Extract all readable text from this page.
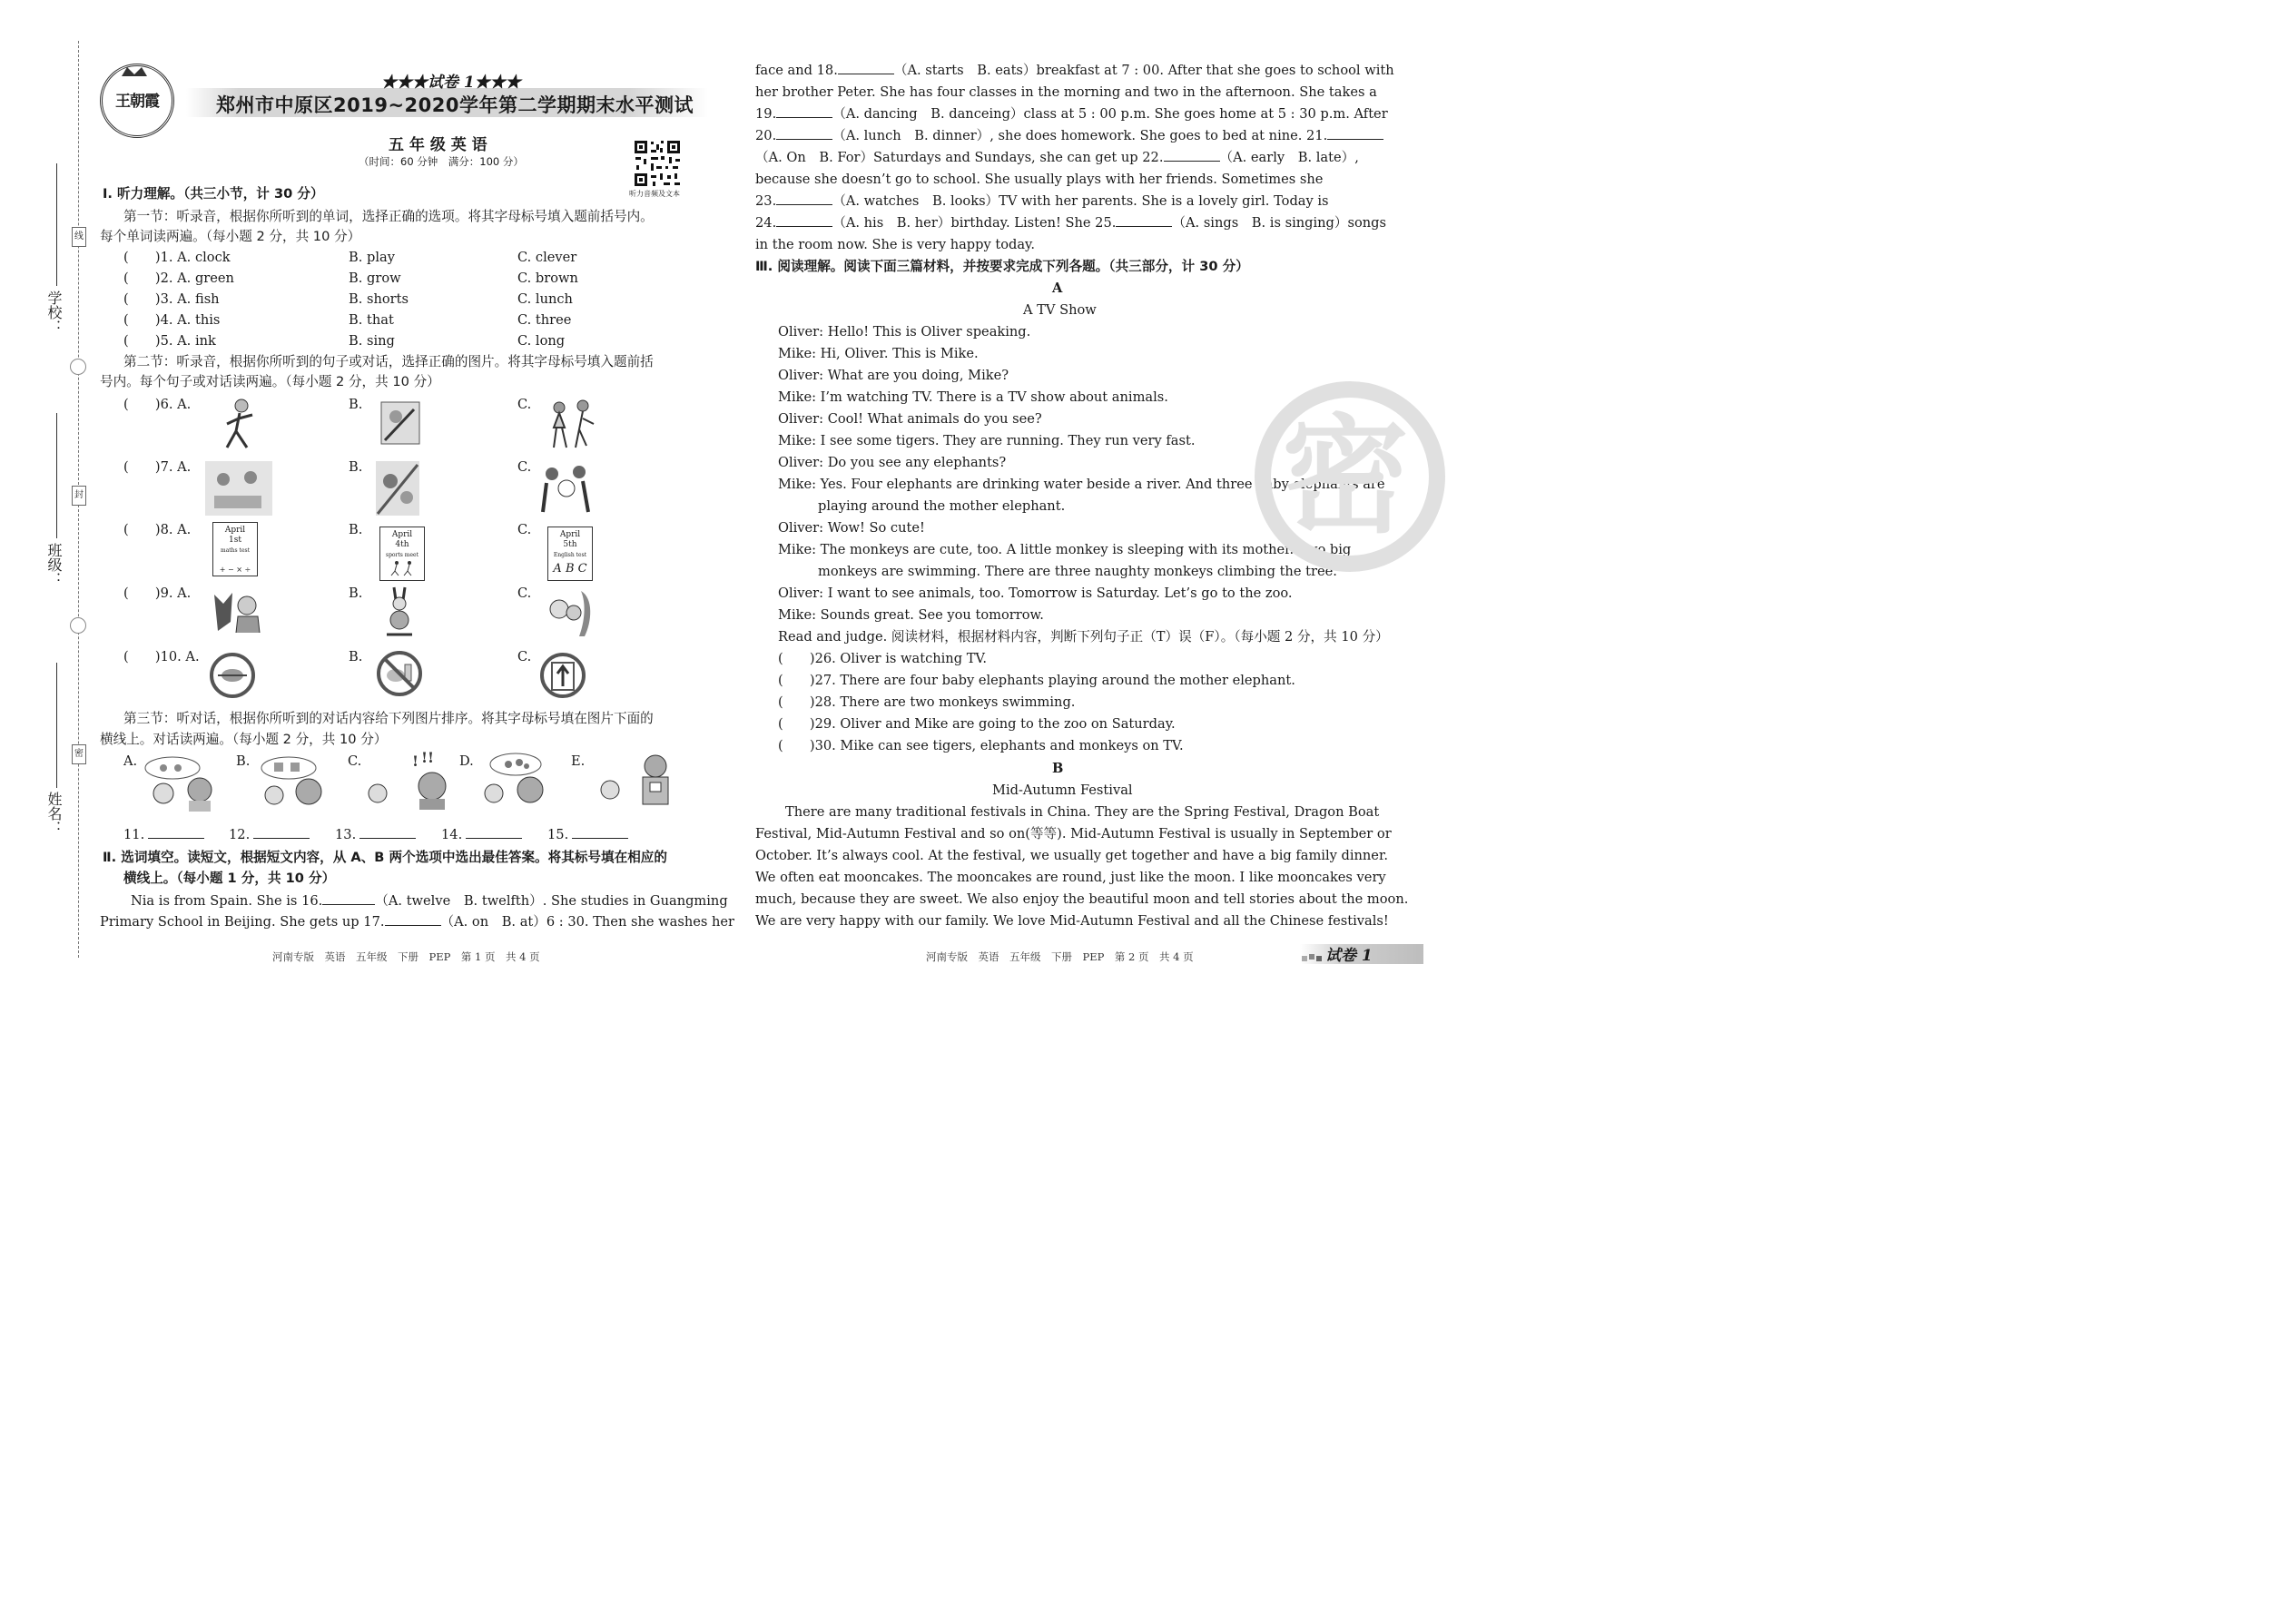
线
封
密
学校：
班级：
姓名：
王朝霞
★★★试卷 1★★★
郑州市中原区2019~2020学年第二学期期末水平测试
五 年 级 英 语
（时间：60 分钟　满分：100 分）
听力音频及文本
Ⅰ. 听力理解。（共三小节，计 30 分）
第一节：听录音，根据你所听到的单词，选择正确的选项。将其字母标号填入题前括号内。
每个单词读两遍。（每小题 2 分，共 10 分）
(　　)1. A. clock	B. play	C. clever
(　　)2. A. green	B. grow	C. brown
(　　)3. A. fish	B. shorts	C. lunch
(　　)4. A. this	B. that	C. three
(　　)5. A. ink	B. sing	C. long
第二节：听录音，根据你所听到的句子或对话，选择正确的图片。将其字母标号填入题前括
号内。每个句子或对话读两遍。（每小题 2 分，共 10 分）
(　　)6. A.	B.	C.
(　　)7. A.	B.	C.
(　　)8. A.	B.	C.
April
1st
maths test
+ − × ÷
April
4th
sports meet
April
5th
English test
A B C
(　　)9. A.	B.	C.
(　　)10. A.	B.	C.
第三节：听对话，根据你所听到的对话内容给下列图片排序。将其字母标号填在图片下面的
横线上。对话读两遍。（每小题 2 分，共 10 分）
A.	B.	C.	D.	E.
! !!
11.	12.	13.	14.	15.
Ⅱ. 选词填空。读短文，根据短文内容，从 A、B 两个选项中选出最佳答案。将其标号填在相应的
横线上。（每小题 1 分，共 10 分）
Nia is from Spain. She is 16.	（A. twelve　B. twelfth）. She studies in Guangming
Primary School in Beijing. She gets up 17.	（A. on　B. at）6 : 30. Then she washes her
河南专版　英语　五年级　下册　PEP　第 1 页　共 4 页
face and 18.	（A. starts　B. eats）breakfast at 7 : 00. After that she goes to school with
her brother Peter. She has four classes in the morning and two in the afternoon. She takes a
19.	（A. dancing　B. danceing）class at 5 : 00 p.m. She goes home at 5 : 30 p.m. After
20.	（A. lunch　B. dinner）, she does homework. She goes to bed at nine. 21.
（A. On　B. For）Saturdays and Sundays, she can get up 22.	（A. early　B. late）,
because she doesn’t go to school. She usually plays with her friends. Sometimes she
23.	（A. watches　B. looks）TV with her parents. She is a lovely girl. Today is
24.	（A. his　B. her）birthday. Listen! She 25.	（A. sings　B. is singing）songs
in the room now. She is very happy today.
Ⅲ. 阅读理解。阅读下面三篇材料，并按要求完成下列各题。（共三部分，计 30 分）
A
A TV Show
Oliver: Hello! This is Oliver speaking.
Mike: Hi, Oliver. This is Mike.
Oliver: What are you doing, Mike?
Mike: I’m watching TV. There is a TV show about animals.
Oliver: Cool! What animals do you see?
Mike: I see some tigers. They are running. They run very fast.
Oliver: Do you see any elephants?
Mike: Yes. Four elephants are drinking water beside a river. And three baby elephants are
playing around the mother elephant.
Oliver: Wow! So cute!
Mike: The monkeys are cute, too. A little monkey is sleeping with its mother. Two big
monkeys are swimming. There are three naughty monkeys climbing the tree.
Oliver: I want to see animals, too. Tomorrow is Saturday. Let’s go to the zoo.
Mike: Sounds great. See you tomorrow.
Read and judge. 阅读材料，根据材料内容，判断下列句子正（T）误（F）。（每小题 2 分，共 10 分）
(　　)26. Oliver is watching TV.
(　　)27. There are four baby elephants playing around the mother elephant.
(　　)28. There are two monkeys swimming.
(　　)29. Oliver and Mike are going to the zoo on Saturday.
(　　)30. Mike can see tigers, elephants and monkeys on TV.
B
Mid-Autumn Festival
There are many traditional festivals in China. They are the Spring Festival, Dragon Boat
Festival, Mid-Autumn Festival and so on(等等). Mid-Autumn Festival is usually in September or
October. It’s always cool. At the festival, we usually get together and have a big family dinner.
We often eat mooncakes. The mooncakes are round, just like the moon. I like mooncakes very
much, because they are sweet. We also enjoy the beautiful moon and tell stories about the moon.
We are very happy with our family. We love Mid-Autumn Festival and all the Chinese festivals!
密
河南专版　英语　五年级　下册　PEP　第 2 页　共 4 页	试卷 1
